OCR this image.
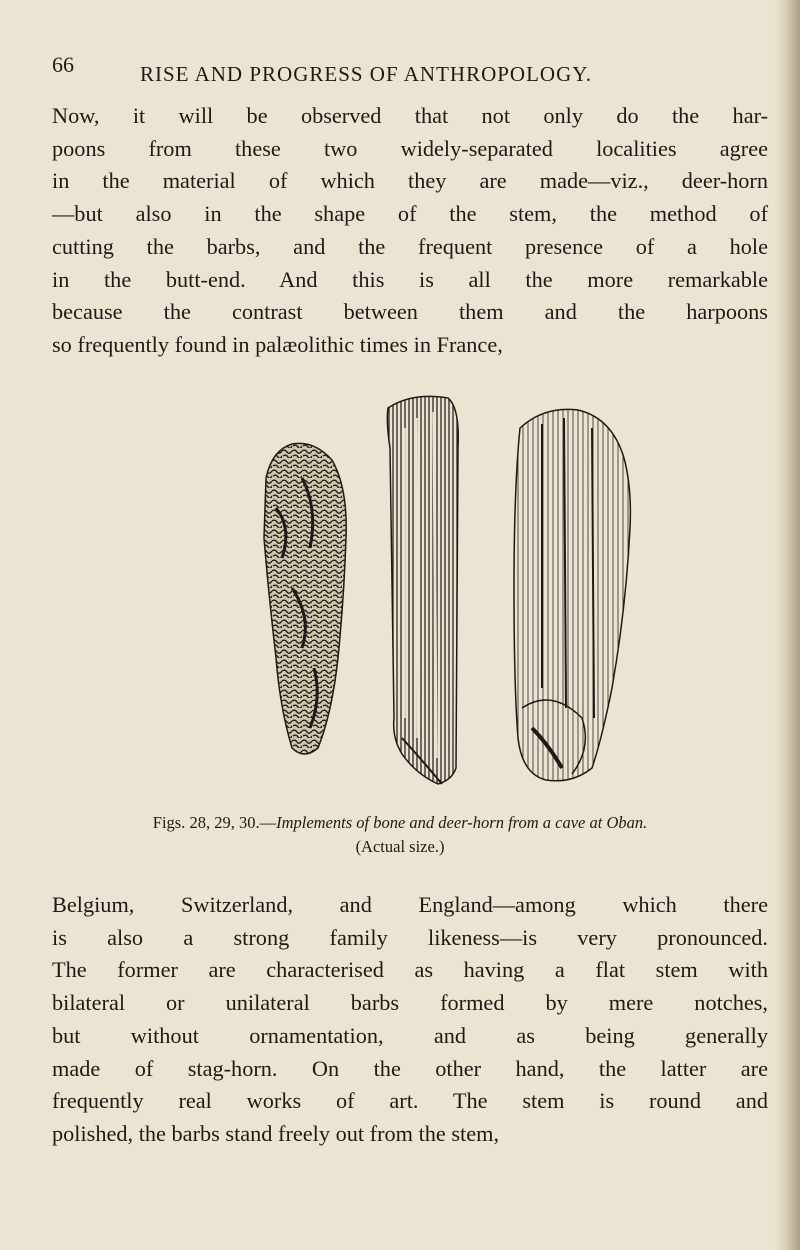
66	RISE AND PROGRESS OF ANTHROPOLOGY.
Now, it will be observed that not only do the har-
poons from these two widely-separated localities agree
in the material of which they are made—viz., deer-horn
—but also in the shape of the stem, the method of
cutting the barbs, and the frequent presence of a hole
in the butt-end. And this is all the more remarkable
because the contrast between them and the harpoons
so frequently found in palæolithic times in France,
Figs. 28, 29, 30.—Implements of bone and deer-horn from a cave at Oban.
(Actual size.)
Belgium, Switzerland, and England—among which there
is also a strong family likeness—is very pronounced.
The former are characterised as having a flat stem with
bilateral or unilateral barbs formed by mere notches,
but without ornamentation, and as being generally
made of stag-horn. On the other hand, the latter are
frequently real works of art. The stem is round and
polished, the barbs stand freely out from the stem,
